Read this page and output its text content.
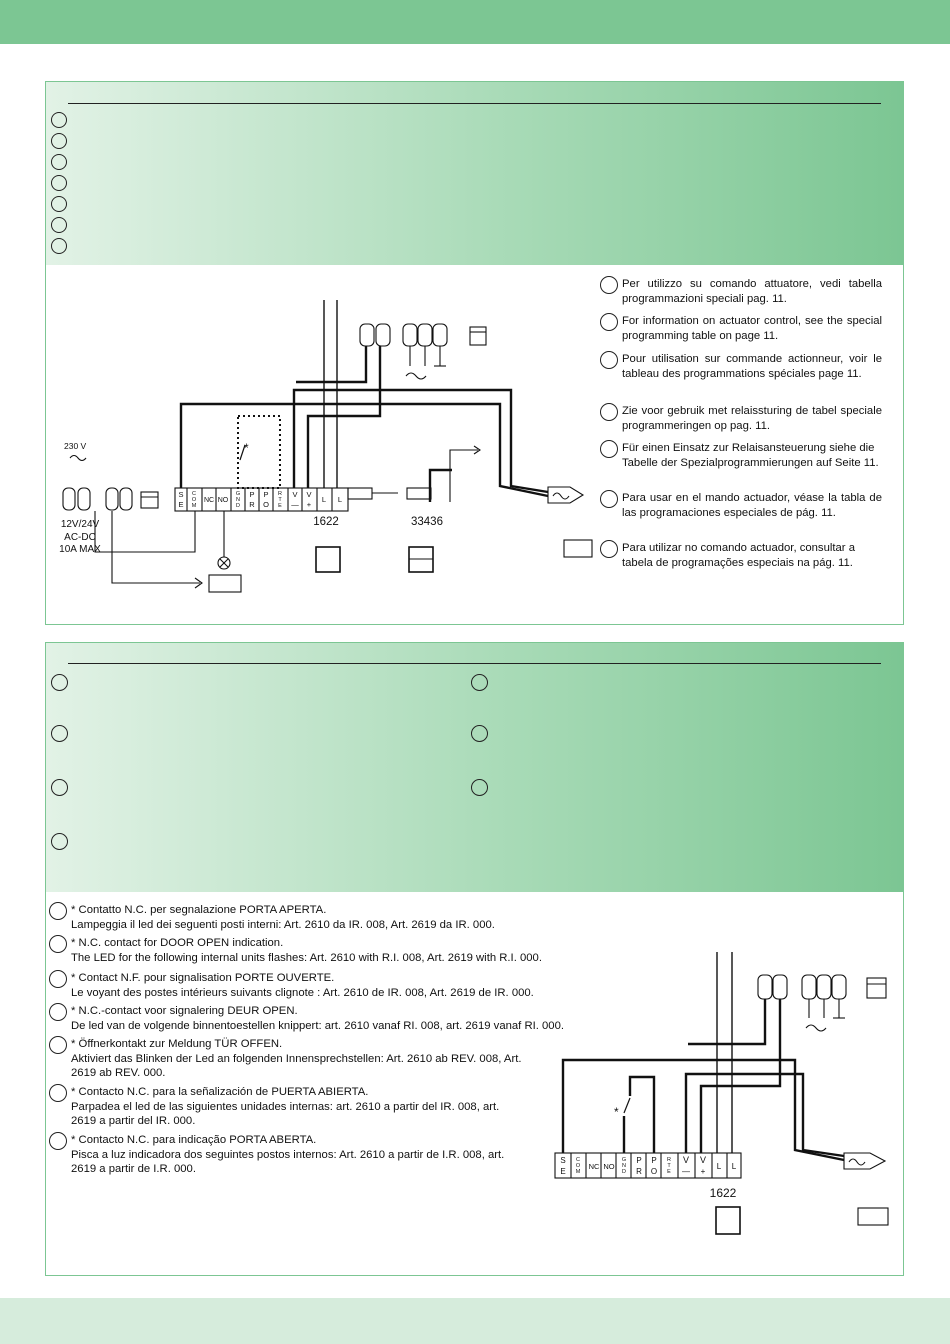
Per utilizzo su comando attuatore, vedi tabella programmazioni speciali pag. 11.

For information on actuator control, see the special programming table on page 11.

Pour utilisation sur commande actionneur, voir le tableau des programmations spéciales page 11.

Zie voor gebruik met relaissturing de tabel speciale programmeringen op pag. 11.

Für einen Einsatz zur Relaisansteuerung siehe die Tabelle der Spezialprogrammierungen auf Seite 11.

Para usar en el mando actuador, véase la tabla de las programaciones especiales de pág. 11.

Para utilizar no comando actuador, consultar a tabela de programações especiais na pág. 11.

S
E
C
O
M
NC NO
G
N
D
P
R
P
O
R
T
E
V
—
V
+
L L
230 V
12V/24V
AC-DC
10A MAX
1622	33436
*

* Contatto N.C. per segnalazione PORTA APERTA.

Lampeggia il led dei seguenti posti interni: Art. 2610 da IR. 008, Art. 2619 da IR. 000.

* N.C. contact for DOOR OPEN indication.

The LED for the following internal units flashes: Art. 2610 with R.I. 008, Art. 2619 with R.I. 000.

* Contact N.F. pour signalisation PORTE OUVERTE.

Le voyant des postes intérieurs suivants clignote : Art. 2610 de IR. 008, Art. 2619 de IR. 000.

* N.C.-contact voor signalering DEUR OPEN.

De led van de volgende binnentoestellen knippert: art. 2610 vanaf RI. 008, art. 2619 vanaf RI. 000.

* Öffnerkontakt zur Meldung TÜR OFFEN.

Aktiviert das Blinken der Led an folgenden Innensprechstellen: Art. 2610 ab REV. 008, Art. 2619 ab REV. 000.

* Contacto N.C. para la señalización de PUERTA ABIERTA.

Parpadea el led de las siguientes unidades internas: art. 2610 a partir del IR. 008, art. 2619 a partir del IR. 000.

* Contacto N.C. para indicação PORTA ABERTA.

Pisca a luz indicadora dos seguintes postos internos: Art. 2610 a partir de I.R. 008, art. 2619 a partir de I.R. 000.

*
S
E
C
O
M
NC NO
G
N
D
P
R
P
O
R
T
E
V
—
V
+
L L
1622
